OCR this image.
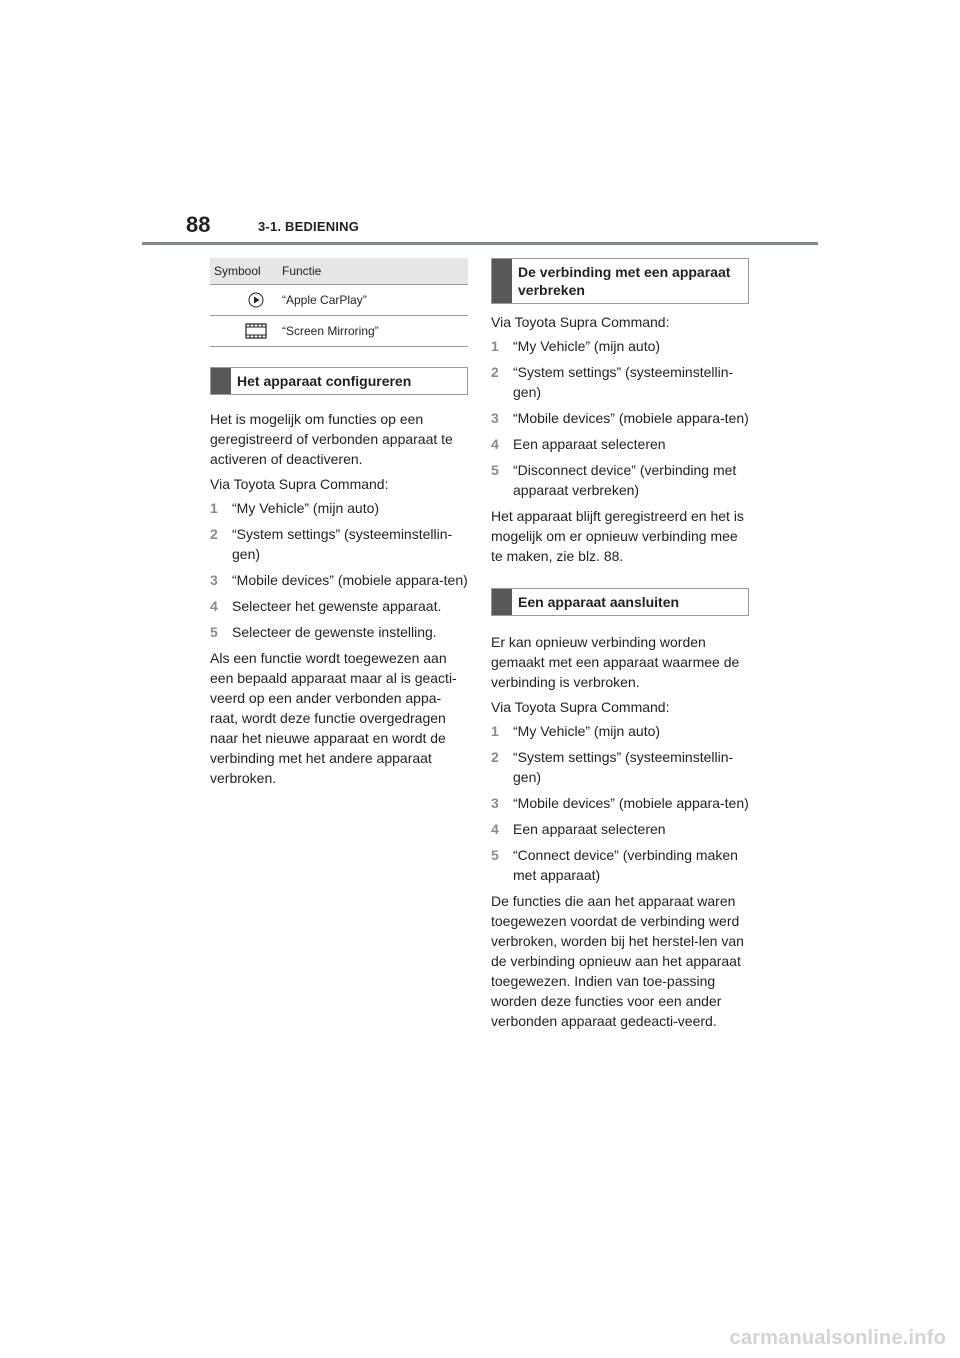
88	3-1. BEDIENING
Symbool	Functie
	“Apple CarPlay”
	“Screen Mirroring”
Het apparaat configureren

Het is mogelijk om functies op een geregistreerd of verbonden apparaat te activeren of deactiveren.

Via Toyota Supra Command:

1	“My Vehicle” (mijn auto)
2	“System settings” (systeeminstellin-gen)
3	“Mobile devices” (mobiele appara-ten)
4	Selecteer het gewenste apparaat.
5	Selecteer de gewenste instelling.

Als een functie wordt toegewezen aan een bepaald apparaat maar al is geacti-veerd op een ander verbonden appa-raat, wordt deze functie overgedragen naar het nieuwe apparaat en wordt de verbinding met het andere apparaat verbroken.

De verbinding met een apparaat verbreken

Via Toyota Supra Command:

1	“My Vehicle” (mijn auto)
2	“System settings” (systeeminstellin-gen)
3	“Mobile devices” (mobiele appara-ten)
4	Een apparaat selecteren
5	“Disconnect device” (verbinding met apparaat verbreken)

Het apparaat blijft geregistreerd en het is mogelijk om er opnieuw verbinding mee te maken, zie blz. 88.

Een apparaat aansluiten

Er kan opnieuw verbinding worden gemaakt met een apparaat waarmee de verbinding is verbroken.

Via Toyota Supra Command:

1	“My Vehicle” (mijn auto)
2	“System settings” (systeeminstellin-gen)
3	“Mobile devices” (mobiele appara-ten)
4	Een apparaat selecteren
5	“Connect device” (verbinding maken met apparaat)

De functies die aan het apparaat waren toegewezen voordat de verbinding werd verbroken, worden bij het herstel-len van de verbinding opnieuw aan het apparaat toegewezen. Indien van toe-passing worden deze functies voor een ander verbonden apparaat gedeacti-veerd.

carmanualsonline.info
